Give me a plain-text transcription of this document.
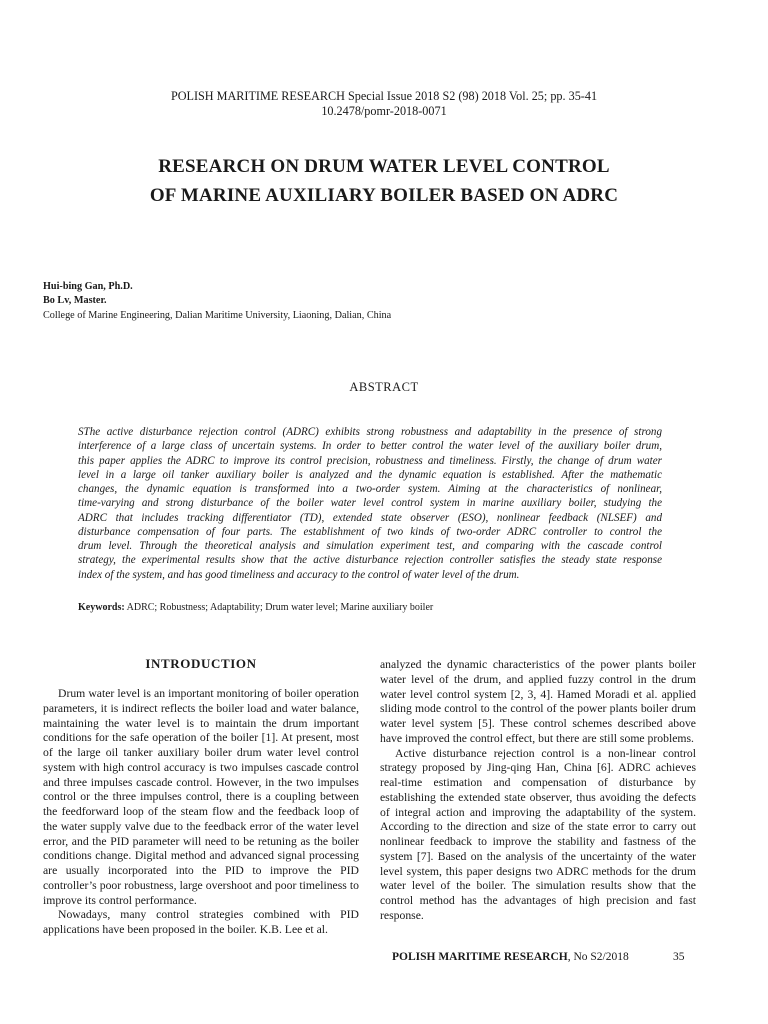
POLISH MARITIME RESEARCH Special Issue 2018 S2 (98) 2018 Vol. 25; pp. 35-41
10.2478/pomr-2018-0071
RESEARCH ON DRUM WATER LEVEL CONTROL
OF MARINE AUXILIARY BOILER BASED ON ADRC
Hui-bing Gan, Ph.D.
Bo Lv, Master.
College of Marine Engineering, Dalian Maritime University, Liaoning, Dalian, China
ABSTRACT
SThe active disturbance rejection control (ADRC) exhibits strong robustness and adaptability in the presence of strong
interference of a large class of uncertain systems. In order to better control the water level of the auxiliary boiler drum,
this paper applies the ADRC to improve its control precision, robustness and timeliness. Firstly, the change of drum water
level in a large oil tanker auxiliary boiler is analyzed and the dynamic equation is established. After the mathematic
changes, the dynamic equation is transformed into a two-order system. Aiming at the characteristics of nonlinear,
time-varying and strong disturbance of the boiler water level control system in marine auxiliary boiler, studying the
ADRC that includes tracking differentiator (TD), extended state observer (ESO), nonlinear feedback (NLSEF) and
disturbance compensation of four parts. The establishment of two kinds of two-order ADRC controller to control the
drum level. Through the theoretical analysis and simulation experiment test, and comparing with the cascade control
strategy, the experimental results show that the active disturbance rejection controller satisfies the steady state response
index of the system, and has good timeliness and accuracy to the control of water level of the drum.
Keywords: ADRC; Robustness; Adaptability; Drum water level; Marine auxiliary boiler
INTRODUCTION

Drum water level is an important monitoring of boiler operation parameters, it is indirect reflects the boiler load and water balance, maintaining the water level is to maintain the drum important conditions for the safe operation of the boiler [1]. At present, most of the large oil tanker auxiliary boiler drum water level control system with high control accuracy is two impulses cascade control and three impulses cascade control. However, in the two impulses control or the three impulses control, there is a coupling between the feedforward loop of the steam flow and the feedback loop of the water supply valve due to the feedback error of the water level error, and the PID parameter will need to be retuning as the boiler conditions change. Digital method and advanced signal processing are usually incorporated into the PID to improve the PID controller’s poor robustness, large overshoot and poor timeliness to improve its control performance.

Nowadays, many control strategies combined with PID applications have been proposed in the boiler. K.B. Lee et al.

analyzed the dynamic characteristics of the power plants boiler water level of the drum, and applied fuzzy control in the drum water level control system [2, 3, 4]. Hamed Moradi et al. applied sliding mode control to the control of the power plants boiler drum water level system [5]. These control schemes described above have improved the control effect, but there are still some problems.

Active disturbance rejection control is a non-linear control strategy proposed by Jing-qing Han, China [6]. ADRC achieves real-time estimation and compensation of disturbance by establishing the extended state observer, thus avoiding the defects of integral action and improving the adaptability of the system. According to the direction and size of the state error to carry out nonlinear feedback to improve the stability and fastness of the system [7]. Based on the analysis of the uncertainty of the water level system, this paper designs two ADRC methods for the drum water level of the boiler. The simulation results show that the control method has the advantages of high precision and fast response.

POLISH MARITIME RESEARCH, No S2/2018	35
